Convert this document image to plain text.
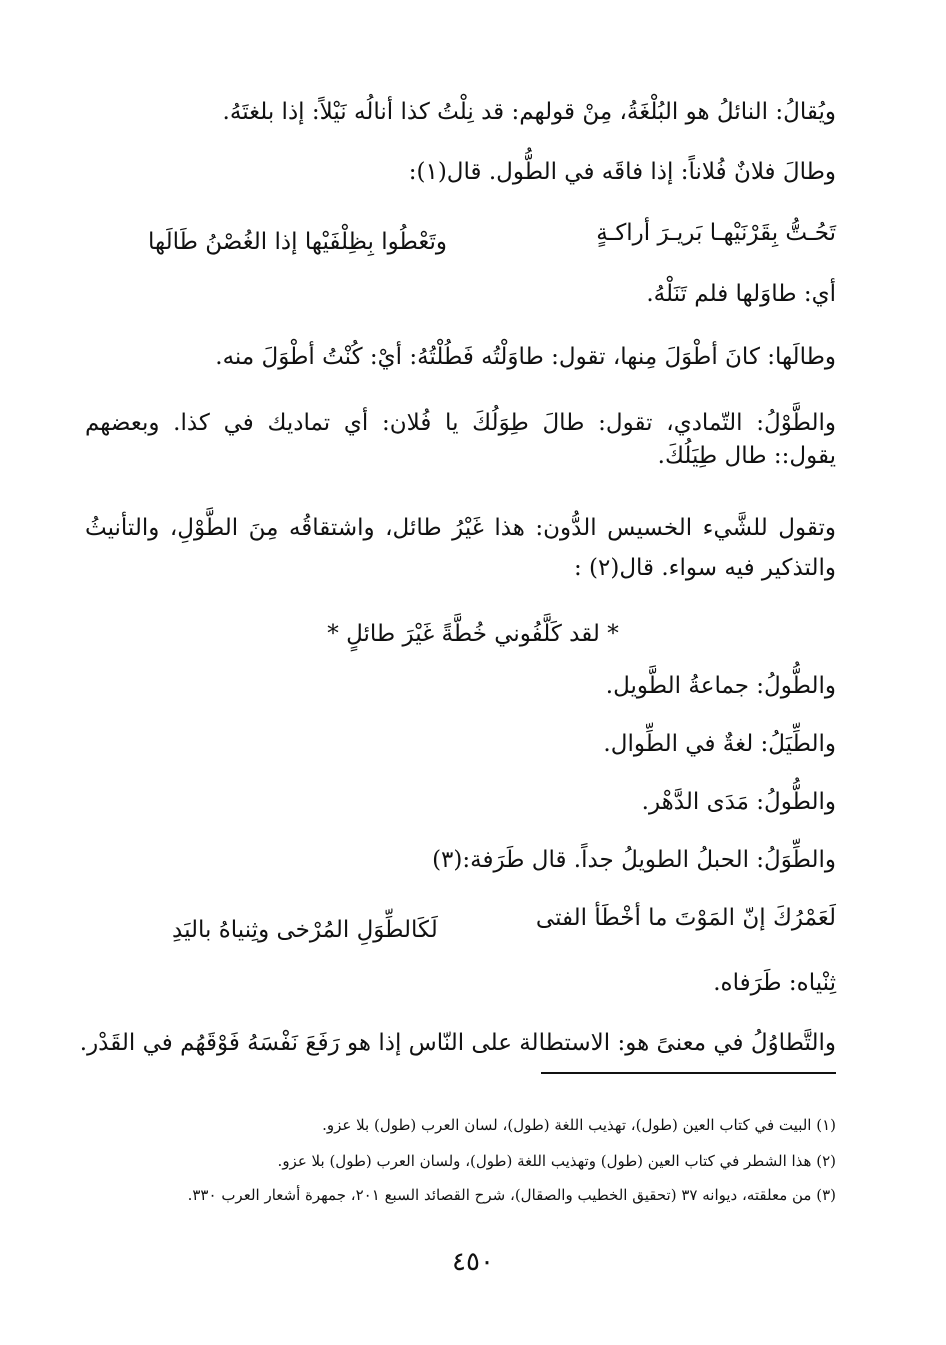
ويُقالُ: النائلُ هو البُلْغَةُ، مِنْ قولهم: قد نِلْتُ كذا أنالُه نَيْلاً: إذا بلغتَهُ.
وطالَ فلانٌ فُلاناً: إذا فاقَه في الطُّول. قال(١):
تَحُـتُّ بِقَرْنَيْهـا بَريـرَ أراكـةٍ
وتَعْطُوا بِظِلْفَيْها إذا الغُصْنُ طَالَها
أي: طاوَلها فلم تَنَلْهُ.
وطالَها: كانَ أطْوَلَ مِنها، تقول: طاوَلْتُه فَطُلْتُهُ: أيْ: كُنْتُ أطْوَلَ منه.
والطَّوْلُ: التّمادي، تقول: طالَ طِوَلُكَ يا فُلان: أي تماديك في كذا. وبعضهم
يقول:: طال طِيَلُكَ.
وتقول للشَّيء الخسيس الدُّون: هذا غَيْرُ طائل، واشتقاقُه مِنَ الطَّوْلِ، والتأنيثُ
والتذكير فيه سواء. قال(٢) :
* لقد كَلَّفُوني خُطَّةً غَيْرَ طائلٍ *
والطُّولُ: جماعةُ الطَّويل.
والطِّيَلُ: لغةٌ في الطِّوال.
والطُّولُ: مَدَى الدَّهْر.
والطِّوَلُ: الحبلُ الطويلُ جداً. قال طَرَفة:(٣)
لَعَمْرُكَ إنّ المَوْتَ ما أخْطَأ الفتى
لَكَالطِّوَلِ المُرْخى وثِنياهُ باليَدِ
ثِنْياه: طَرَفاه.
والتَّطاوُلُ في معنىً هو: الاستطالة على النّاس إذا هو رَفَعَ نَفْسَهُ فَوْقَهُم في القَدْر.
(١) البيت في كتاب العين (طول)، تهذيب اللغة (طول)، لسان العرب (طول) بلا عزو.
(٢) هذا الشطر في كتاب العين (طول) وتهذيب اللغة (طول)، ولسان العرب (طول) بلا عزو.
(٣) من معلقته، ديوانه ٣٧ (تحقيق الخطيب والصقال)، شرح القصائد السبع ٢٠١، جمهرة أشعار العرب ٣٣٠.
٤٥٠
